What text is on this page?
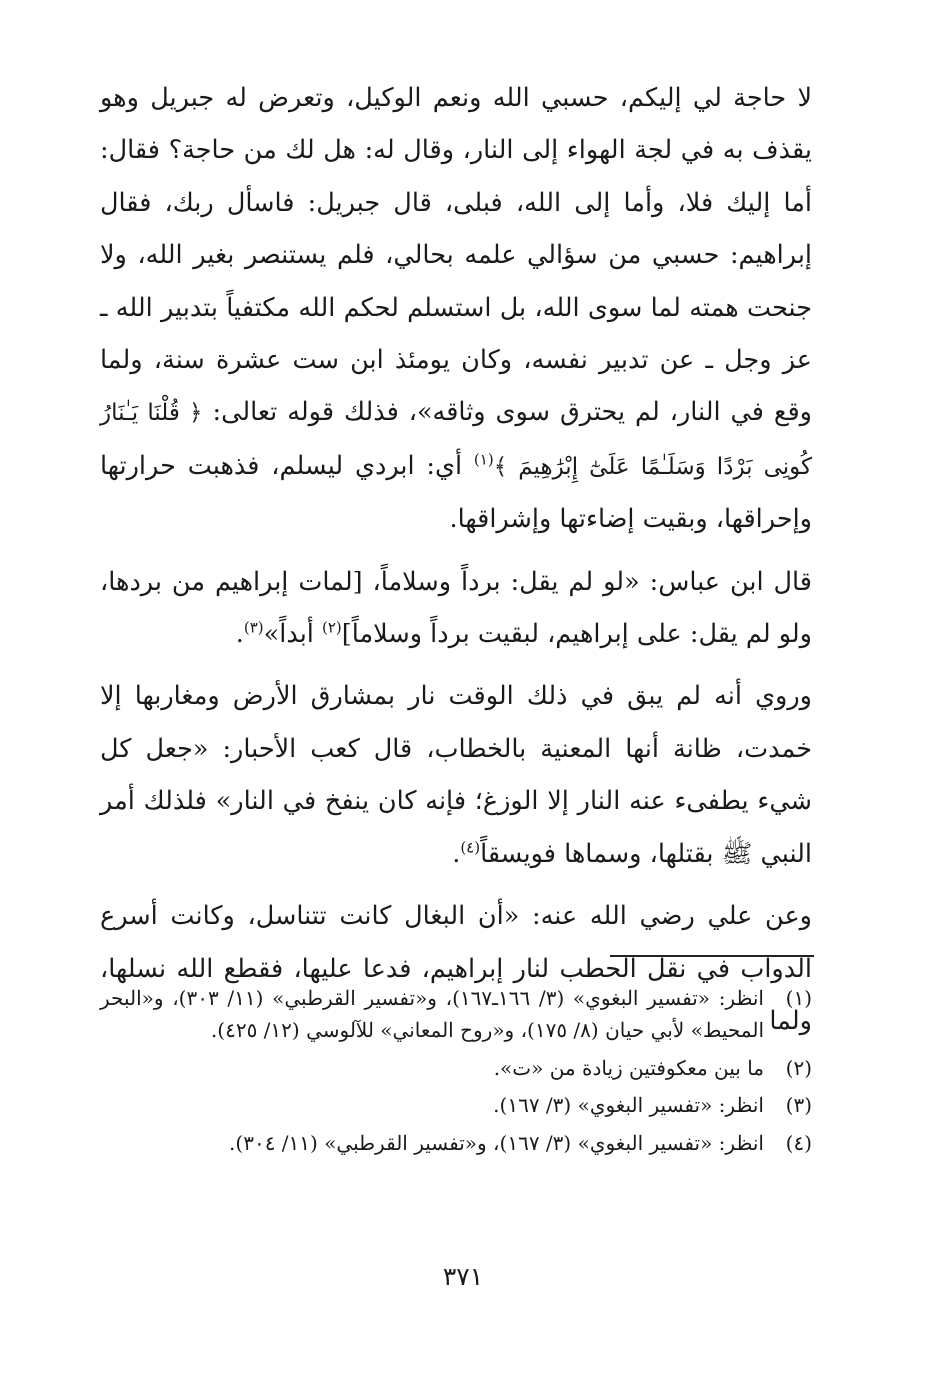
لا حاجة لي إليكم، حسبي الله ونعم الوكيل، وتعرض له جبريل وهو يقذف به في لجة الهواء إلى النار، وقال له: هل لك من حاجة؟ فقال: أما إليك فلا، وأما إلى الله، فبلى، قال جبريل: فاسأل ربك، فقال إبراهيم: حسبي من سؤالي علمه بحالي، فلم يستنصر بغير الله، ولا جنحت همته لما سوى الله، بل استسلم لحكم الله مكتفياً بتدبير الله ـ عز وجل ـ عن تدبير نفسه، وكان يومئذ ابن ست عشرة سنة، ولما وقع في النار، لم يحترق سوى وثاقه»، فذلك قوله تعالى: ﴿ قُلْنَا يَـٰنَارُ كُونِى بَرْدًا وَسَلَـٰمًا عَلَىٰٓ إِبْرَٰهِيمَ ﴾$^{(١)}$ أي: ابردي ليسلم، فذهبت حرارتها وإحراقها، وبقيت إضاءتها وإشراقها.

قال ابن عباس: «لو لم يقل: برداً وسلاماً، [لمات إبراهيم من بردها، ولو لم يقل: على إبراهيم، لبقيت برداً وسلاماً]$^{(٢)}$ أبداً»$^{(٣)}$.

وروي أنه لم يبق في ذلك الوقت نار بمشارق الأرض ومغاربها إلا خمدت، ظانة أنها المعنية بالخطاب، قال كعب الأحبار: «جعل كل شيء يطفىء عنه النار إلا الوزغ؛ فإنه كان ينفخ في النار» فلذلك أمر النبي ﷺ بقتلها، وسماها فويسقاً$^{(٤)}$.

وعن علي رضي الله عنه: «أن البغال كانت تتناسل، وكانت أسرع الدواب في نقل الحطب لنار إبراهيم، فدعا عليها، فقطع الله نسلها، ولما

(١)
انظر: «تفسير البغوي» (٣/ ١٦٦ـ١٦٧)، و«تفسير القرطبي» (١١/ ٣٠٣)، و«البحر المحيط» لأبي حيان (٨/ ١٧٥)، و«روح المعاني» للآلوسي (١٢/ ٤٢٥).
(٢)
ما بين معكوفتين زيادة من «ت».
(٣)
انظر: «تفسير البغوي» (٣/ ١٦٧).
(٤)
انظر: «تفسير البغوي» (٣/ ١٦٧)، و«تفسير القرطبي» (١١/ ٣٠٤).
٣٧١
